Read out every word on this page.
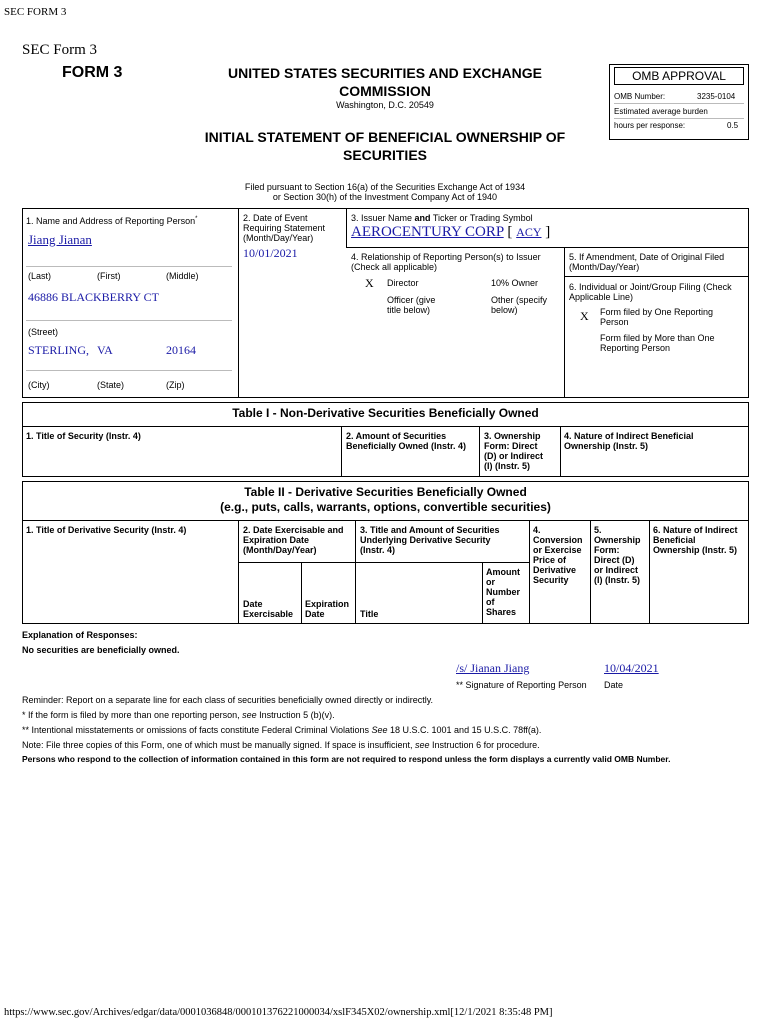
SEC FORM 3
SEC Form 3
FORM 3	UNITED STATES SECURITIES AND EXCHANGE
COMMISSION
Washington, D.C. 20549
INITIAL STATEMENT OF BENEFICIAL OWNERSHIP OF
SECURITIES
Filed pursuant to Section 16(a) of the Securities Exchange Act of 1934
or Section 30(h) of the Investment Company Act of 1940
OMB APPROVAL
OMB Number:	3235-0104
Estimated average burden
hours per response:	0.5
1. Name and Address of Reporting Person*
Jiang Jianan
(Last)	(First)	(Middle)
46886 BLACKBERRY CT
(Street)
STERLING, VA	20164
(City)	(State)	(Zip)
2. Date of Event
Requiring Statement
(Month/Day/Year)
10/01/2021
3. Issuer Name and Ticker or Trading Symbol
AEROCENTURY CORP [ ACY ]
4. Relationship of Reporting Person(s) to Issuer
(Check all applicable)
X Director	10% Owner
Officer (give
title below)
Other (specify
below)
5. If Amendment, Date of Original Filed
(Month/Day/Year)
6. Individual or Joint/Group Filing (Check
Applicable Line)
X Form filed by One Reporting
Person
Form filed by More than One
Reporting Person
Table I - Non-Derivative Securities Beneficially Owned
1. Title of Security (Instr. 4)	2. Amount of Securities
Beneficially Owned (Instr. 4)
3. Ownership
Form: Direct
(D) or Indirect
(I) (Instr. 5)
4. Nature of Indirect Beneficial
Ownership (Instr. 5)
Table II - Derivative Securities Beneficially Owned
(e.g., puts, calls, warrants, options, convertible securities)
1. Title of Derivative Security (Instr. 4)	2. Date Exercisable and
Expiration Date
(Month/Day/Year)
Date
Exercisable
Expiration
Date
3. Title and Amount of Securities
Underlying Derivative Security
(Instr. 4)
Title
Amount
or
Number
of
Shares
4.
Conversion
or Exercise
Price of
Derivative
Security
5.
Ownership
Form:
Direct (D)
or Indirect
(I) (Instr. 5)
6. Nature of Indirect
Beneficial
Ownership (Instr. 5)
Explanation of Responses:
No securities are beneficially owned.
/s/ Jianan Jiang	10/04/2021
** Signature of Reporting Person Date
Reminder: Report on a separate line for each class of securities beneficially owned directly or indirectly.
* If the form is filed by more than one reporting person, see Instruction 5 (b)(v).
** Intentional misstatements or omissions of facts constitute Federal Criminal Violations See 18 U.S.C. 1001 and 15 U.S.C. 78ff(a).
Note: File three copies of this Form, one of which must be manually signed. If space is insufficient, see Instruction 6 for procedure.
Persons who respond to the collection of information contained in this form are not required to respond unless the form displays a currently valid OMB Number.
https://www.sec.gov/Archives/edgar/data/0001036848/000101376221000034/xslF345X02/ownership.xml[12/1/2021 8:35:48 PM]
